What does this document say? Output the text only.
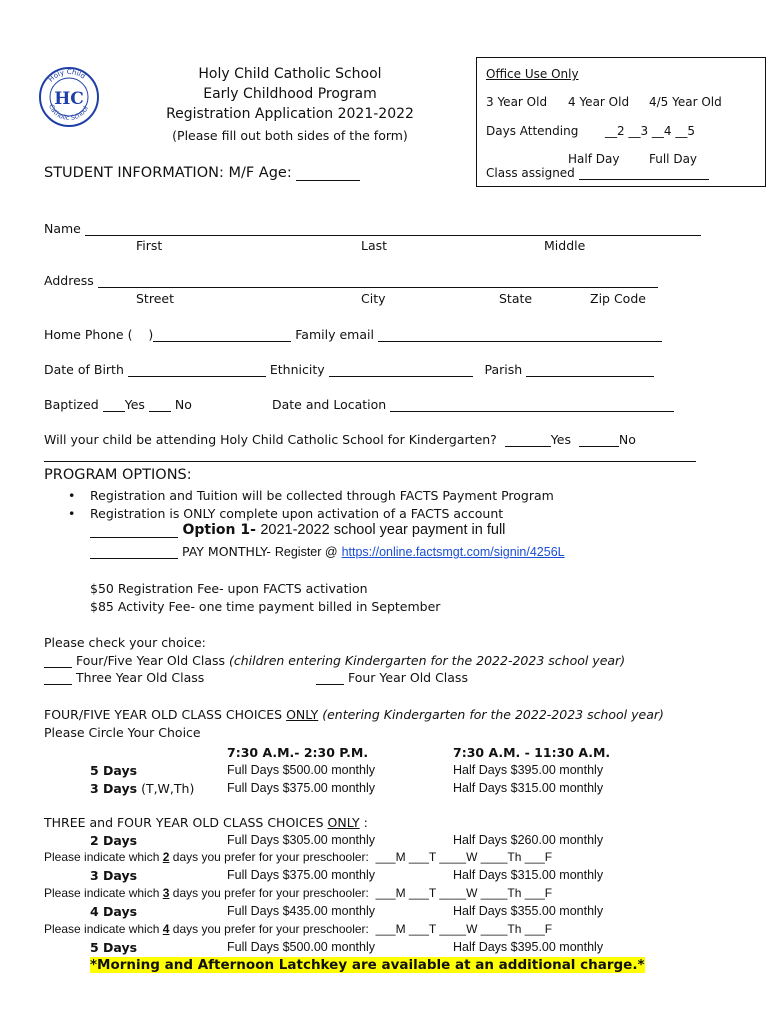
Holy Child
Catholic School
HC
Holy Child Catholic School
Early Childhood Program
Registration Application 2021-2022
(Please fill out both sides of the form)
Office Use Only
3 Year Old 4 Year Old 4/5 Year Old
Days Attending __2 __3 __4 __5
Half Day Full Day
Class assigned
STUDENT INFORMATION: M/F Age:
Name
First	Last	Middle
Address
Street	City	State	Zip Code
Home Phone ( )	Family email
Date of Birth	Ethnicity	Parish
Baptized Yes No	Date and Location
Will your child be attending Holy Child Catholic School for Kindergarten?	Yes	No
PROGRAM OPTIONS:
• Registration and Tuition will be collected through FACTS Payment Program
• Registration is ONLY complete upon activation of a FACTS account
Option 1- 2021-2022 school year payment in full
PAY MONTHLY- Register @ https://online.factsmgt.com/signin/4256L
$50 Registration Fee- upon FACTS activation
$85 Activity Fee- one time payment billed in September
Please check your choice:
Four/Five Year Old Class (children entering Kindergarten for the 2022-2023 school year)
Three Year Old Class	Four Year Old Class
FOUR/FIVE YEAR OLD CLASS CHOICES ONLY (entering Kindergarten for the 2022-2023 school year)
Please Circle Your Choice
7:30 A.M.- 2:30 P.M.	7:30 A.M. - 11:30 A.M.
5 Days	Full Days $500.00 monthly	Half Days $395.00 monthly
3 Days (T,W,Th)	Full Days $375.00 monthly	Half Days $315.00 monthly
THREE and FOUR YEAR OLD CLASS CHOICES ONLY :
2 Days	Full Days $305.00 monthly	Half Days $260.00 monthly
Please indicate which 2 days you prefer for your preschooler: ___M ___T ____W ____Th ___F
3 Days	Full Days $375.00 monthly	Half Days $315.00 monthly
Please indicate which 3 days you prefer for your preschooler: ___M ___T ____W ____Th ___F
4 Days	Full Days $435.00 monthly	Half Days $355.00 monthly
Please indicate which 4 days you prefer for your preschooler: ___M ___T ____W ____Th ___F
5 Days	Full Days $500.00 monthly	Half Days $395.00 monthly
*Morning and Afternoon Latchkey are available at an additional charge.*
